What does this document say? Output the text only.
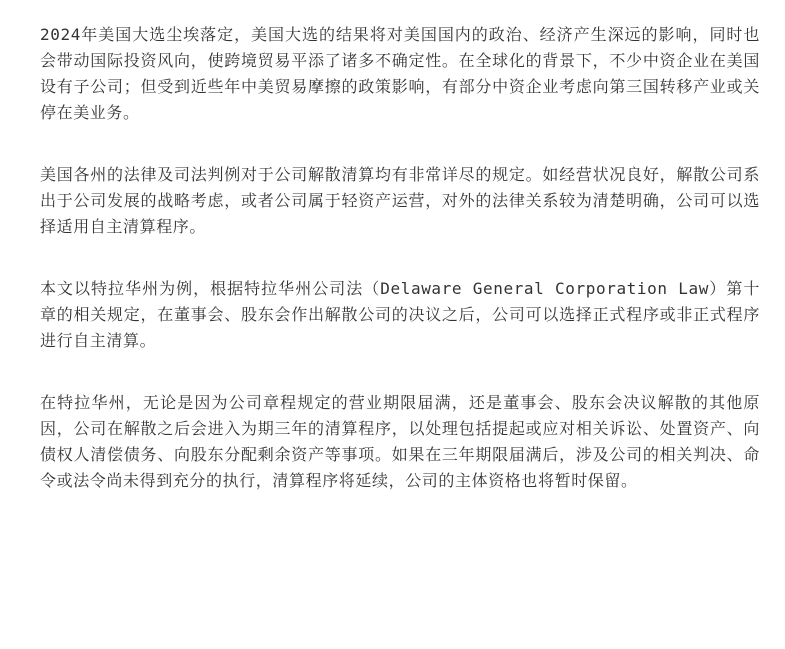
2024年美国大选尘埃落定，美国大选的结果将对美国国内的政治、经济产生深远的影响，同时也会带动国际投资风向，使跨境贸易平添了诸多不确定性。在全球化的背景下，不少中资企业在美国设有子公司；但受到近些年中美贸易摩擦的政策影响，有部分中资企业考虑向第三国转移产业或关停在美业务。

美国各州的法律及司法判例对于公司解散清算均有非常详尽的规定。如经营状况良好，解散公司系出于公司发展的战略考虑，或者公司属于轻资产运营，对外的法律关系较为清楚明确，公司可以选择适用自主清算程序。

本文以特拉华州为例，根据特拉华州公司法（Delaware General Corporation Law）第十章的相关规定，在董事会、股东会作出解散公司的决议之后，公司可以选择正式程序或非正式程序进行自主清算。

在特拉华州，无论是因为公司章程规定的营业期限届满，还是董事会、股东会决议解散的其他原因，公司在解散之后会进入为期三年的清算程序，以处理包括提起或应对相关诉讼、处置资产、向债权人清偿债务、向股东分配剩余资产等事项。如果在三年期限届满后，涉及公司的相关判决、命令或法令尚未得到充分的执行，清算程序将延续，公司的主体资格也将暂时保留。
